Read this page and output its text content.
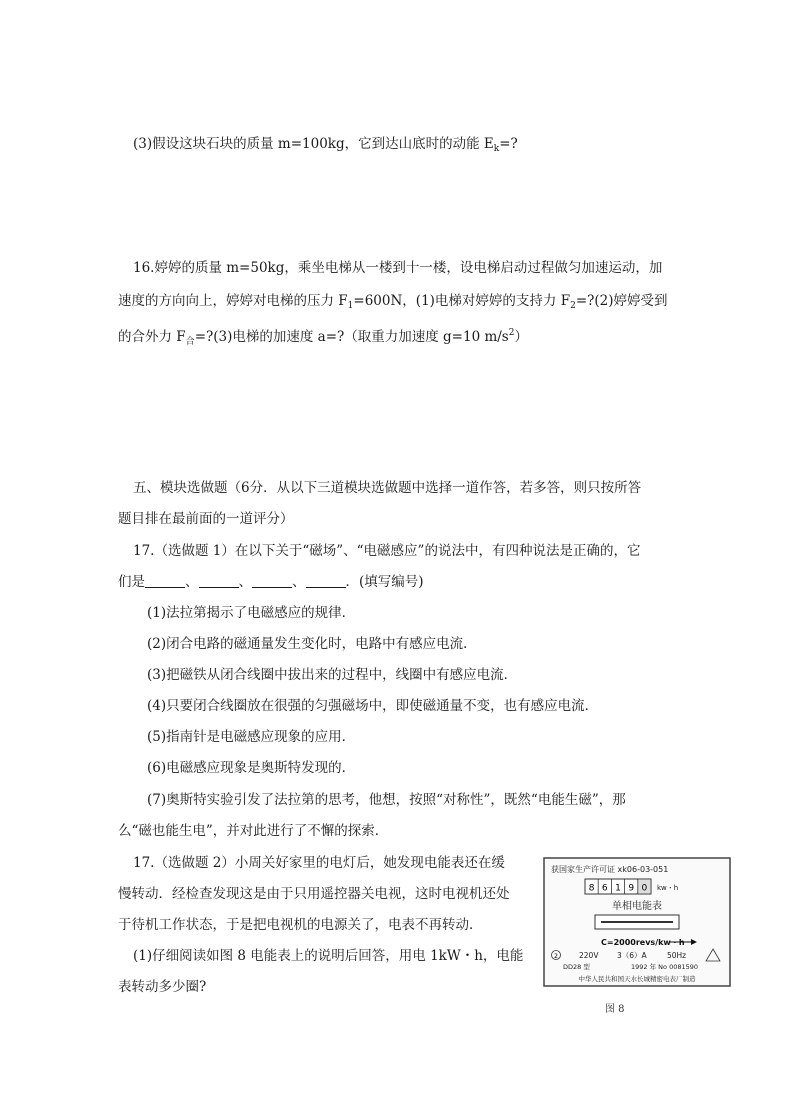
(3)假设这块石块的质量 m=100kg，它到达山底时的动能 $E_k=$?
16.婷婷的质量 m=50kg，乘坐电梯从一楼到十一楼，设电梯启动过程做匀加速运动，加
速度的方向向上，婷婷对电梯的压力 $F_1=600N$，(1)电梯对婷婷的支持力 $F_2=?(2)$婷婷受到
的合外力 $F_合=?(3)$电梯的加速度 a=?（取重力加速度 g=10 $m/s^2$）
五、模块选做题（6分．从以下三道模块选做题中选择一道作答，若多答，则只按所答
题目排在最前面的一道评分）
17.（选做题 1）在以下关于“磁场”、“电磁感应”的说法中，有四种说法是正确的，它
们是	、	、	、	．(填写编号)
(1)法拉第揭示了电磁感应的规律．
(2)闭合电路的磁通量发生变化时，电路中有感应电流．
(3)把磁铁从闭合线圈中拔出来的过程中，线圈中有感应电流．
(4)只要闭合线圈放在很强的匀强磁场中，即使磁通量不变，也有感应电流．
(5)指南针是电磁感应现象的应用．
(6)电磁感应现象是奥斯特发现的．
(7)奥斯特实验引发了法拉第的思考，他想，按照“对称性”，既然“电能生磁”，那
么“磁也能生电”，并对此进行了不懈的探索．
17.（选做题 2）小周关好家里的电灯后，她发现电能表还在缓
慢转动．经检查发现这是由于只用遥控器关电视，这时电视机还处
于待机工作状态，于是把电视机的电源关了，电表不再转动．
(1)仔细阅读如图 8 电能表上的说明后回答，用电 1kW・h，电能
表转动多少圈?
获国家生产许可证 xk06-03-051
8 6 1 9 0 kw・h
单相电能表
C=2000revs/kw・h
2	220V 3（6）A	50Hz
DD28 型	1992 年 No 0081590
中华人民共和国天水长城精密电表厂制造
图 8
